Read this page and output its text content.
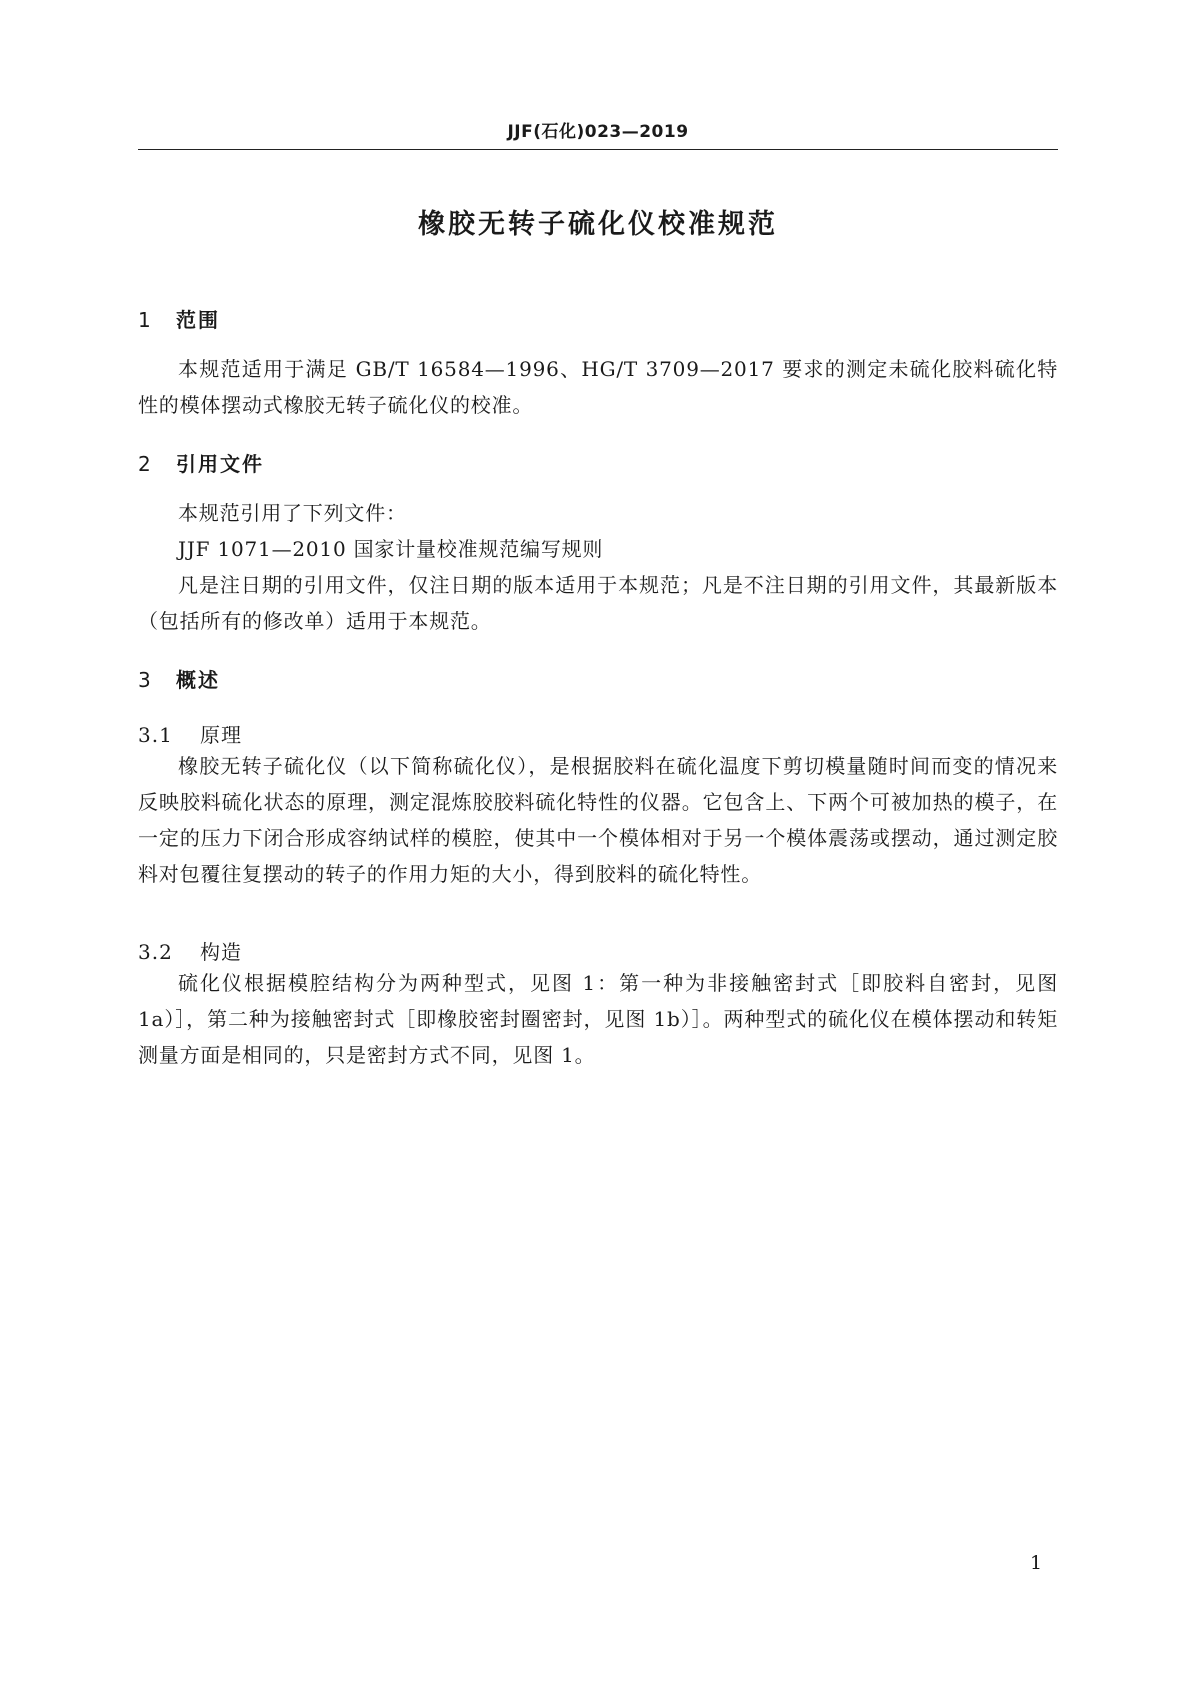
JJF(石化)023—2019
橡胶无转子硫化仪校准规范
1 范围
本规范适用于满足 GB/T 16584—1996、HG/T 3709—2017 要求的测定未硫化胶料硫化特性的模体摆动式橡胶无转子硫化仪的校准。
2 引用文件
本规范引用了下列文件：
JJF 1071—2010 国家计量校准规范编写规则
凡是注日期的引用文件，仅注日期的版本适用于本规范；凡是不注日期的引用文件，其最新版本（包括所有的修改单）适用于本规范。
3 概述
3.1 原理
橡胶无转子硫化仪（以下简称硫化仪），是根据胶料在硫化温度下剪切模量随时间而变的情况来反映胶料硫化状态的原理，测定混炼胶胶料硫化特性的仪器。它包含上、下两个可被加热的模子，在一定的压力下闭合形成容纳试样的模腔，使其中一个模体相对于另一个模体震荡或摆动，通过测定胶料对包覆往复摆动的转子的作用力矩的大小，得到胶料的硫化特性。
3.2 构造
硫化仪根据模腔结构分为两种型式，见图 1：第一种为非接触密封式［即胶料自密封，见图 1a）］，第二种为接触密封式［即橡胶密封圈密封，见图 1b）］。两种型式的硫化仪在模体摆动和转矩测量方面是相同的，只是密封方式不同，见图 1。
1
